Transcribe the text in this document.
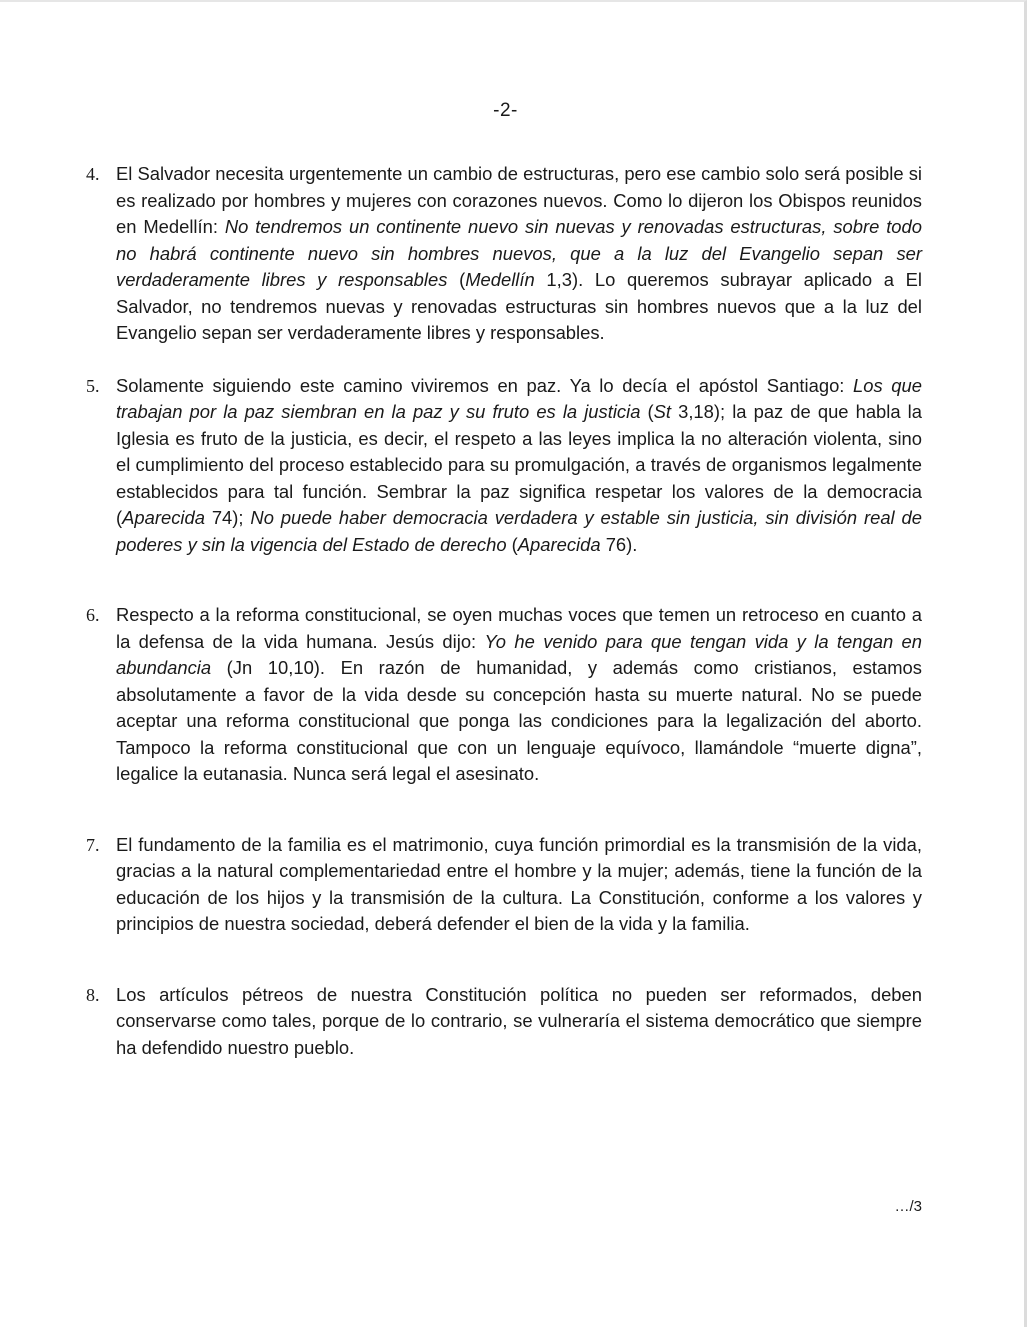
-2-
4. El Salvador necesita urgentemente un cambio de estructuras, pero ese cambio solo será posible si es realizado por hombres y mujeres con corazones nuevos. Como lo dijeron los Obispos reunidos en Medellín: No tendremos un continente nuevo sin nuevas y renovadas estructuras, sobre todo no habrá continente nuevo sin hombres nuevos, que a la luz del Evangelio sepan ser verdaderamente libres y responsables (Medellín 1,3). Lo queremos subrayar aplicado a El Salvador, no tendremos nuevas y renovadas estructuras sin hombres nuevos que a la luz del Evangelio sepan ser verdaderamente libres y responsables.

5. Solamente siguiendo este camino viviremos en paz. Ya lo decía el apóstol Santiago: Los que trabajan por la paz siembran en la paz y su fruto es la justicia (St 3,18); la paz de que habla la Iglesia es fruto de la justicia, es decir, el respeto a las leyes implica la no alteración violenta, sino el cumplimiento del proceso establecido para su promulgación, a través de organismos legalmente establecidos para tal función. Sembrar la paz significa respetar los valores de la democracia (Aparecida 74); No puede haber democracia verdadera y estable sin justicia, sin división real de poderes y sin la vigencia del Estado de derecho (Aparecida 76).

6. Respecto a la reforma constitucional, se oyen muchas voces que temen un retroceso en cuanto a la defensa de la vida humana. Jesús dijo: Yo he venido para que tengan vida y la tengan en abundancia (Jn 10,10). En razón de humanidad, y además como cristianos, estamos absolutamente a favor de la vida desde su concepción hasta su muerte natural. No se puede aceptar una reforma constitucional que ponga las condiciones para la legalización del aborto. Tampoco la reforma constitucional que con un lenguaje equívoco, llamándole “muerte digna”, legalice la eutanasia. Nunca será legal el asesinato.

7. El fundamento de la familia es el matrimonio, cuya función primordial es la transmisión de la vida, gracias a la natural complementariedad entre el hombre y la mujer; además, tiene la función de la educación de los hijos y la transmisión de la cultura. La Constitución, conforme a los valores y principios de nuestra sociedad, deberá defender el bien de la vida y la familia.

8. Los artículos pétreos de nuestra Constitución política no pueden ser reformados, deben conservarse como tales, porque de lo contrario, se vulneraría el sistema democrático que siempre ha defendido nuestro pueblo.

…/3
